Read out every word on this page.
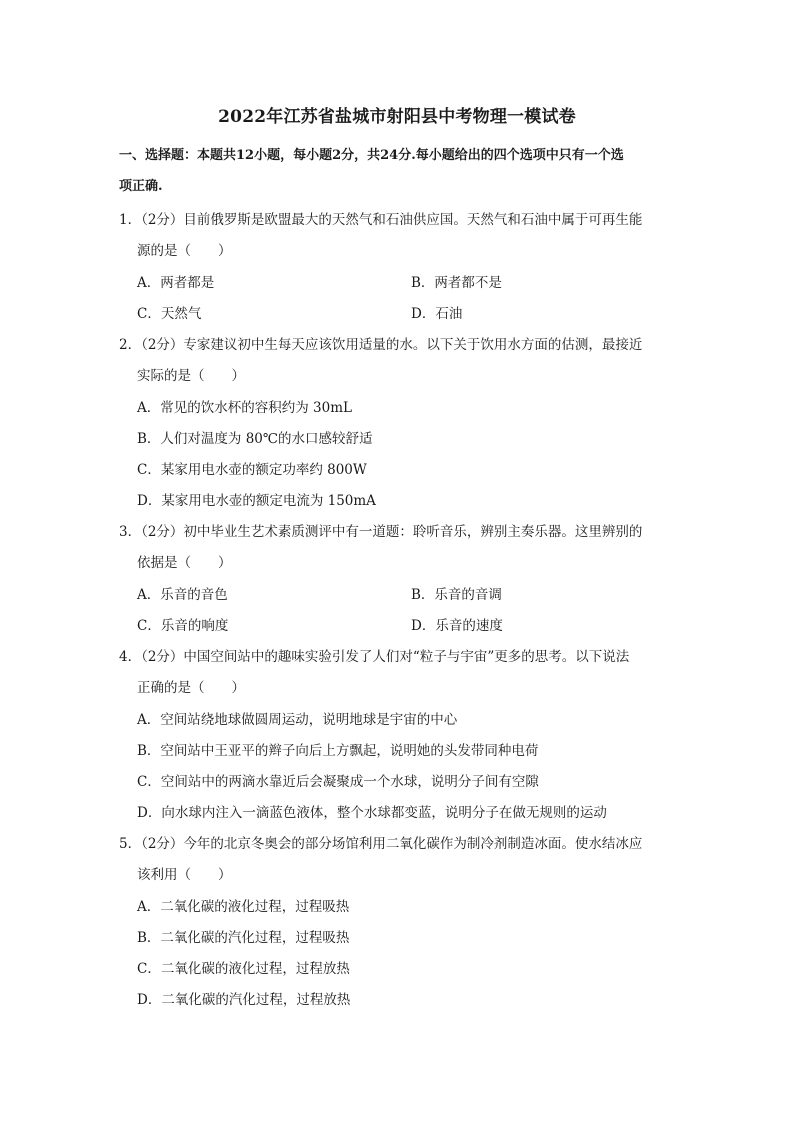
2022年江苏省盐城市射阳县中考物理一模试卷
一、选择题：本题共12小题，每小题2分，共24分.每小题给出的四个选项中只有一个选
项正确.
1．（2分）目前俄罗斯是欧盟最大的天然气和石油供应国。天然气和石油中属于可再生能
源的是（　　）
A．两者都是	B．两者都不是
C．天然气	D．石油
2．（2分）专家建议初中生每天应该饮用适量的水。以下关于饮用水方面的估测，最接近
实际的是（　　）
A．常见的饮水杯的容积约为 30mL
B．人们对温度为 80℃的水口感较舒适
C．某家用电水壶的额定功率约 800W
D．某家用电水壶的额定电流为 150mA
3．（2分）初中毕业生艺术素质测评中有一道题：聆听音乐，辨别主奏乐器。这里辨别的
依据是（　　）
A．乐音的音色	B．乐音的音调
C．乐音的响度	D．乐音的速度
4．（2分）中国空间站中的趣味实验引发了人们对“粒子与宇宙”更多的思考。以下说法
正确的是（　　）
A．空间站绕地球做圆周运动，说明地球是宇宙的中心
B．空间站中王亚平的辫子向后上方飘起，说明她的头发带同种电荷
C．空间站中的两滴水靠近后会凝聚成一个水球，说明分子间有空隙
D．向水球内注入一滴蓝色液体，整个水球都变蓝，说明分子在做无规则的运动
5．（2分）今年的北京冬奥会的部分场馆利用二氧化碳作为制冷剂制造冰面。使水结冰应
该利用（　　）
A．二氧化碳的液化过程，过程吸热
B．二氧化碳的汽化过程，过程吸热
C．二氧化碳的液化过程，过程放热
D．二氧化碳的汽化过程，过程放热
